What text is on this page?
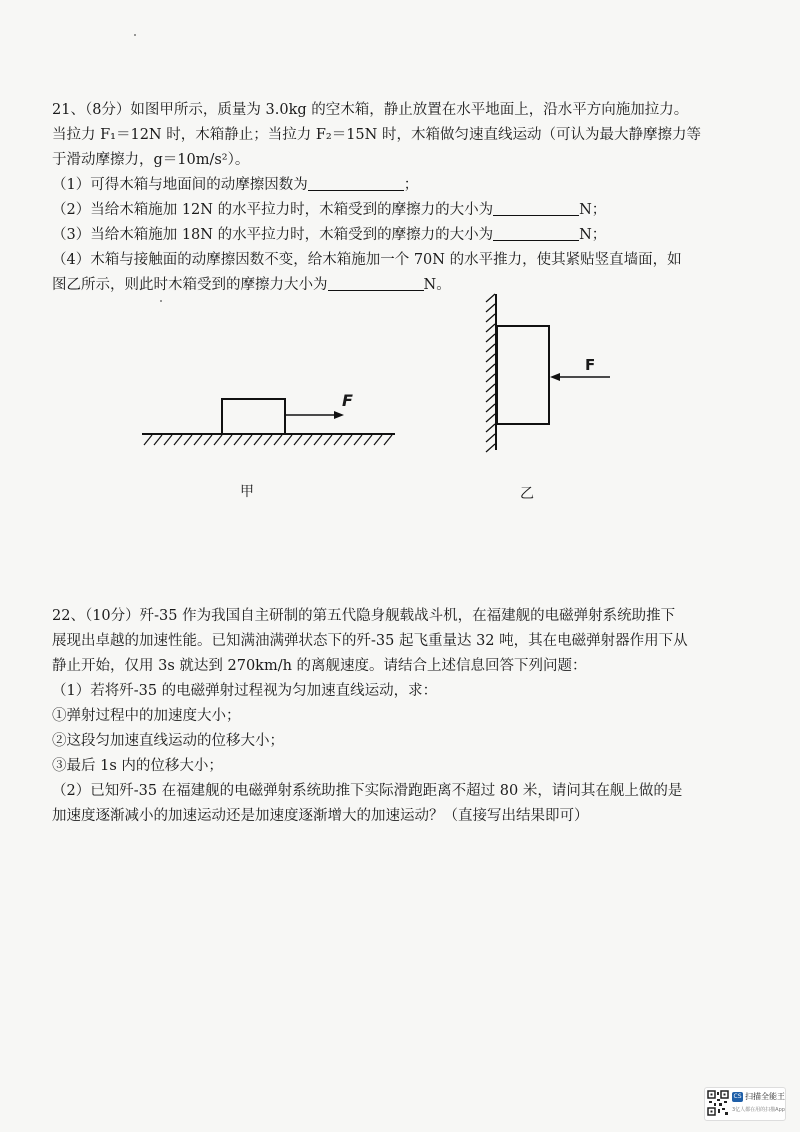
21、（8分）如图甲所示，质量为 3.0kg 的空木箱，静止放置在水平地面上，沿水平方向施加拉力。

当拉力 F₁＝12N 时，木箱静止；当拉力 F₂＝15N 时，木箱做匀速直线运动（可认为最大静摩擦力等

于滑动摩擦力，g＝10m/s²）。

（1）可得木箱与地面间的动摩擦因数为	；

（2）当给木箱施加 12N 的水平拉力时，木箱受到的摩擦力的大小为	N；

（3）当给木箱施加 18N 的水平拉力时，木箱受到的摩擦力的大小为	N；

（4）木箱与接触面的动摩擦因数不变，给木箱施加一个 70N 的水平推力，使其紧贴竖直墙面，如

图乙所示，则此时木箱受到的摩擦力大小为	N。

F
甲
F
乙

22、（10分）歼-35 作为我国自主研制的第五代隐身舰载战斗机，在福建舰的电磁弹射系统助推下

展现出卓越的加速性能。已知满油满弹状态下的歼-35 起飞重量达 32 吨，其在电磁弹射器作用下从

静止开始，仅用 3s 就达到 270km/h 的离舰速度。请结合上述信息回答下列问题：

（1）若将歼-35 的电磁弹射过程视为匀加速直线运动，求：

①弹射过程中的加速度大小；

②这段匀加速直线运动的位移大小；

③最后 1s 内的位移大小；

（2）已知歼-35 在福建舰的电磁弹射系统助推下实际滑跑距离不超过 80 米，请问其在舰上做的是

加速度逐渐减小的加速运动还是加速度逐渐增大的加速运动？（直接写出结果即可）

CS 扫描全能王
3亿人都在用的扫描App
